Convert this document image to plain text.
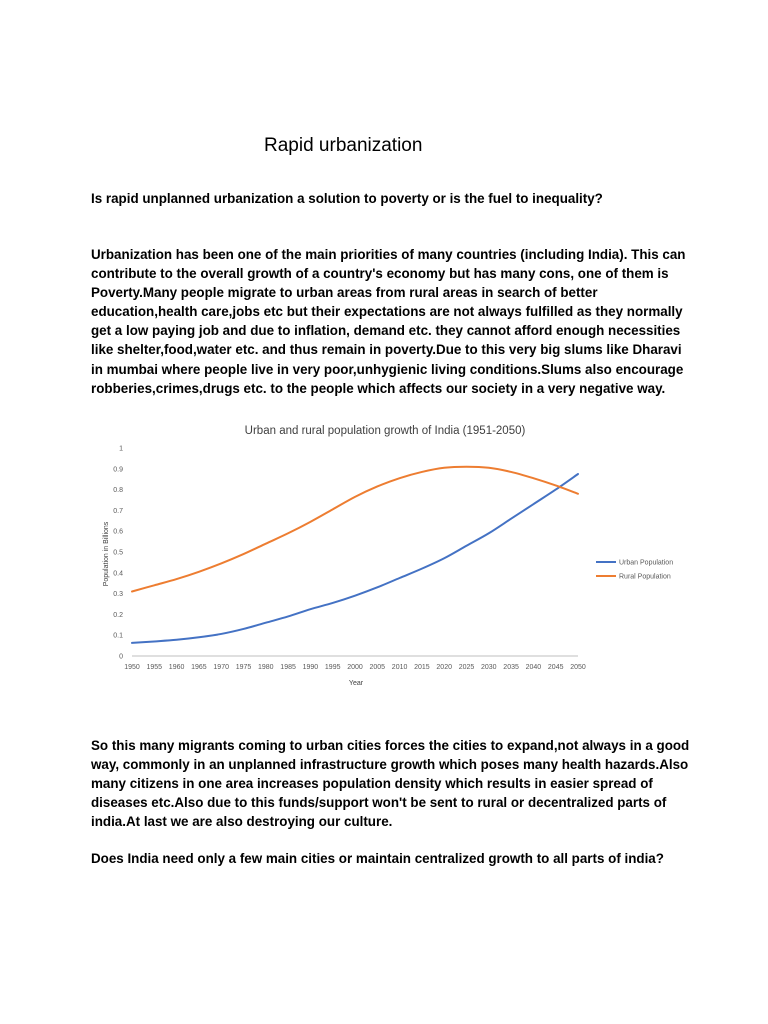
Rapid urbanization

Is rapid unplanned urbanization a solution to poverty or is the fuel to inequality?

Urbanization has been one of the main priorities of many countries (including India). This can contribute to the overall growth of a country's economy but has many cons, one of them is Poverty.Many people migrate to urban areas from rural areas in search of better education,health care,jobs etc but their expectations are not always fulfilled as they normally get a low paying job and due to inflation, demand etc. they cannot afford enough necessities like shelter,food,water etc. and thus remain in poverty.Due to this very big slums like Dharavi in mumbai where people live in very poor,unhygienic living conditions.Slums also encourage robberies,crimes,drugs etc. to the people which affects our society in a very negative way.

Urban and rural population growth of India (1951-2050)
Population in Billions
Year
0
0.1
0.2
0.3
0.4
0.5
0.6
0.7
0.8
0.9
1
1950 1955 1960 1965 1970 1975 1980 1985 1990 1995 2000 2005 2010 2015 2020 2025 2030 2035 2040 2045 2050
Urban Population
Rural Population

So this many migrants coming to urban cities forces the cities to expand,not always in a good way, commonly in an unplanned infrastructure growth which poses many health hazards.Also many citizens in one area increases population density which results in easier spread of diseases etc.Also due to this funds/support won't be sent to rural or decentralized parts of india.At last we are also destroying our culture.

Does India need only a few main cities or maintain centralized growth to all parts of india?
